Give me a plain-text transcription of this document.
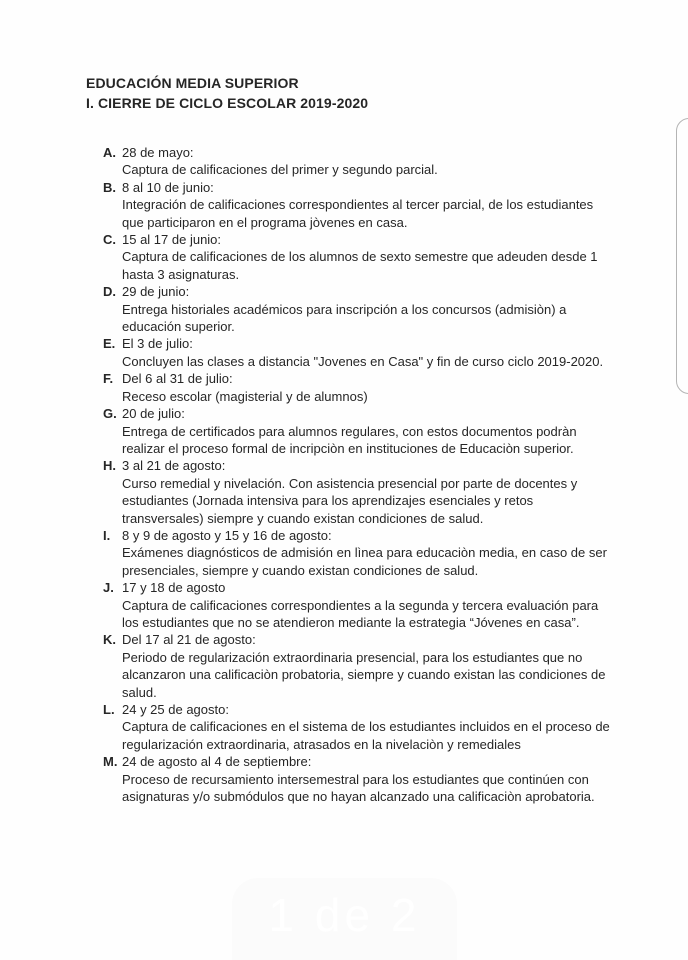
EDUCACIÓN MEDIA SUPERIOR
I. CIERRE DE CICLO ESCOLAR 2019-2020
A. 28 de mayo:
Captura de calificaciones del primer y segundo parcial.
B. 8 al 10 de junio:
Integración de calificaciones correspondientes al tercer parcial, de los estudiantes que participaron en el programa jòvenes en casa.
C. 15 al 17 de junio:
Captura de calificaciones de los alumnos de sexto semestre que adeuden desde 1 hasta 3 asignaturas.
D. 29 de junio:
Entrega historiales académicos para inscripción a los concursos (admisiòn) a educación superior.
E. El 3 de julio:
Concluyen las clases a distancia "Jovenes en Casa" y fin de curso ciclo 2019-2020.
F. Del 6 al 31 de julio:
Receso escolar (magisterial y de alumnos)
G. 20 de julio:
Entrega de certificados para alumnos regulares, con estos documentos podràn realizar el proceso formal de incripciòn en instituciones de Educaciòn superior.
H. 3 al 21 de agosto:
Curso remedial y nivelación. Con asistencia presencial por parte de docentes y estudiantes (Jornada intensiva para los aprendizajes esenciales y retos transversales) siempre y cuando existan condiciones de salud.
I. 8 y 9 de agosto y 15 y 16 de agosto:
Exámenes diagnósticos de admisión en lìnea para educaciòn media, en caso de ser presenciales, siempre y cuando existan condiciones de salud.
J. 17 y 18 de agosto
Captura de calificaciones correspondientes a la segunda y tercera evaluación para los estudiantes que no se atendieron mediante la estrategia “Jóvenes en casa”.
K. Del 17 al 21 de agosto:
Periodo de regularización extraordinaria presencial, para los estudiantes que no alcanzaron una calificaciòn probatoria, siempre y cuando existan las condiciones de salud.
L. 24 y 25 de agosto:
Captura de calificaciones en el sistema de los estudiantes incluidos en el proceso de regularización extraordinaria, atrasados en la nivelaciòn y remediales
M. 24 de agosto al 4 de septiembre:
Proceso de recursamiento intersemestral para los estudiantes que continúen con asignaturas y/o submódulos que no hayan alcanzado una calificaciòn aprobatoria.
1 de 2
